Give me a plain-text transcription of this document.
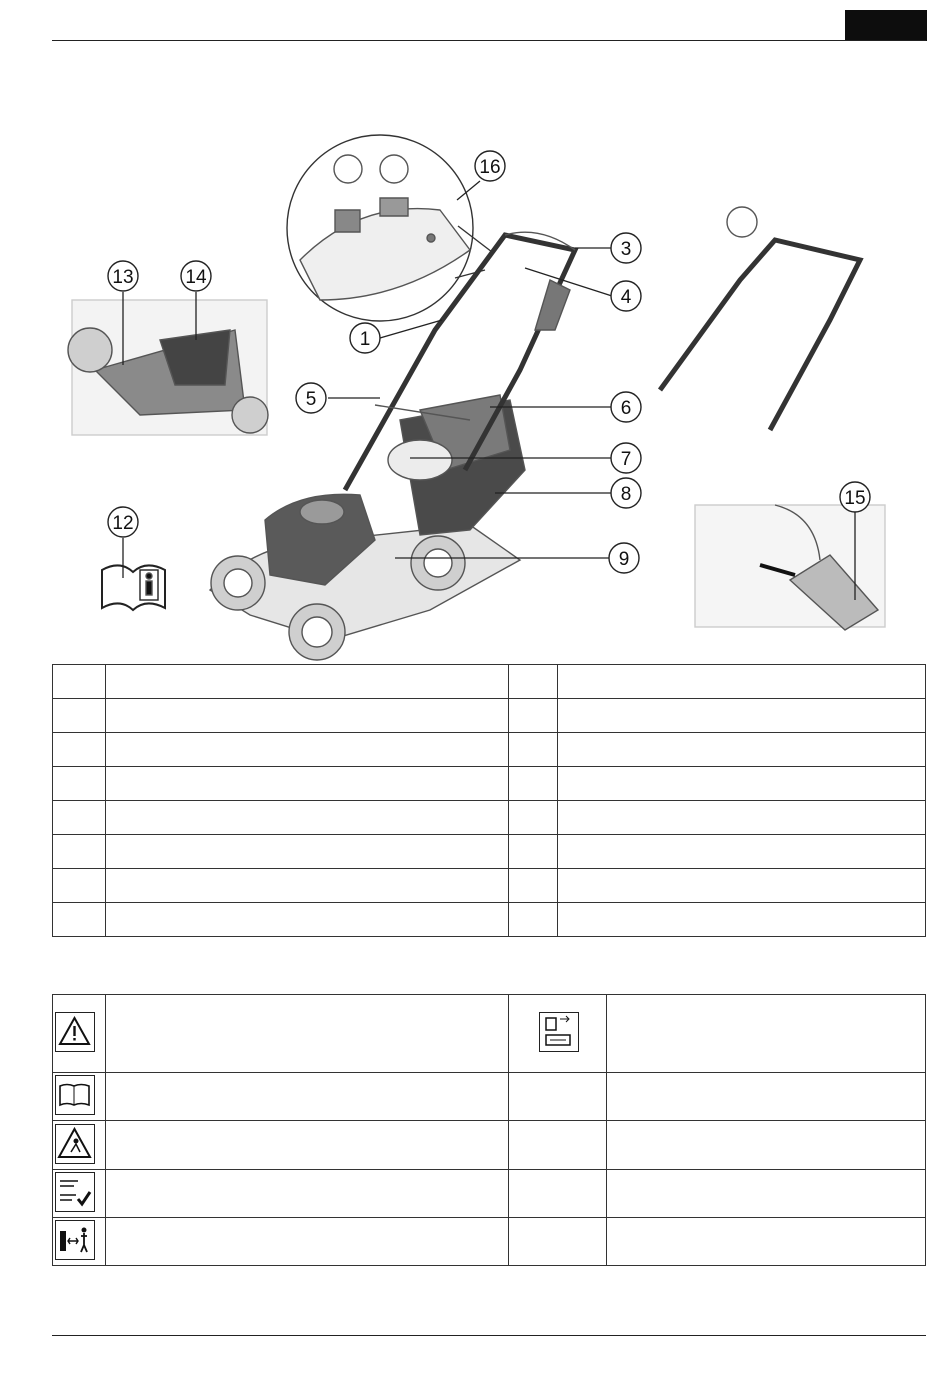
1
3
4
5	6
7
8
9
12
13	14
15
16
